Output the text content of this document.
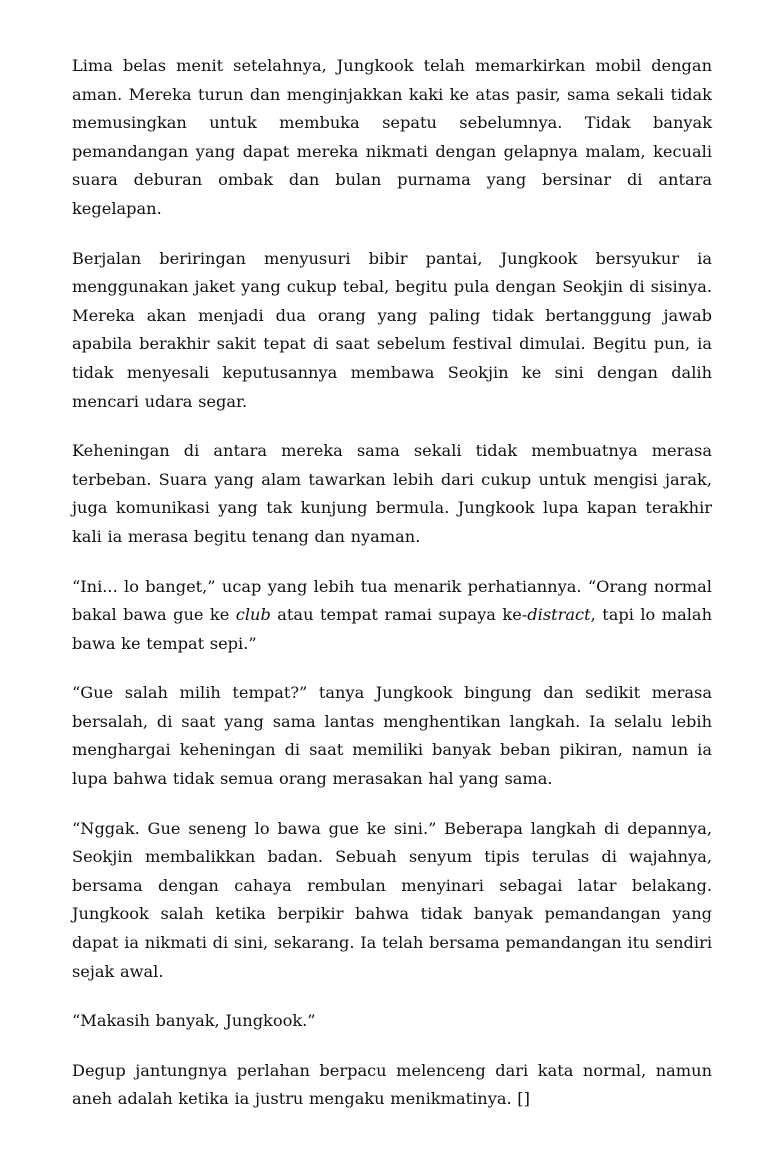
Lima belas menit setelahnya, Jungkook telah memarkirkan mobil dengan aman. Mereka turun dan menginjakkan kaki ke atas pasir, sama sekali tidak memusingkan untuk membuka sepatu sebelumnya. Tidak banyak pemandangan yang dapat mereka nikmati dengan gelapnya malam, kecuali suara deburan ombak dan bulan purnama yang bersinar di antara kegelapan.

Berjalan beriringan menyusuri bibir pantai, Jungkook bersyukur ia menggunakan jaket yang cukup tebal, begitu pula dengan Seokjin di sisinya. Mereka akan menjadi dua orang yang paling tidak bertanggung jawab apabila berakhir sakit tepat di saat sebelum festival dimulai. Begitu pun, ia tidak menyesali keputusannya membawa Seokjin ke sini dengan dalih mencari udara segar.

Keheningan di antara mereka sama sekali tidak membuatnya merasa terbeban. Suara yang alam tawarkan lebih dari cukup untuk mengisi jarak, juga komunikasi yang tak kunjung bermula. Jungkook lupa kapan terakhir kali ia merasa begitu tenang dan nyaman.

“Ini... lo banget,” ucap yang lebih tua menarik perhatiannya. “Orang normal bakal bawa gue ke club atau tempat ramai supaya ke-distract, tapi lo malah bawa ke tempat sepi.”

“Gue salah milih tempat?” tanya Jungkook bingung dan sedikit merasa bersalah, di saat yang sama lantas menghentikan langkah. Ia selalu lebih menghargai keheningan di saat memiliki banyak beban pikiran, namun ia lupa bahwa tidak semua orang merasakan hal yang sama.

“Nggak. Gue seneng lo bawa gue ke sini.” Beberapa langkah di depannya, Seokjin membalikkan badan. Sebuah senyum tipis terulas di wajahnya, bersama dengan cahaya rembulan menyinari sebagai latar belakang. Jungkook salah ketika berpikir bahwa tidak banyak pemandangan yang dapat ia nikmati di sini, sekarang. Ia telah bersama pemandangan itu sendiri sejak awal.

“Makasih banyak, Jungkook.”

Degup jantungnya perlahan berpacu melenceng dari kata normal, namun aneh adalah ketika ia justru mengaku menikmatinya. []
